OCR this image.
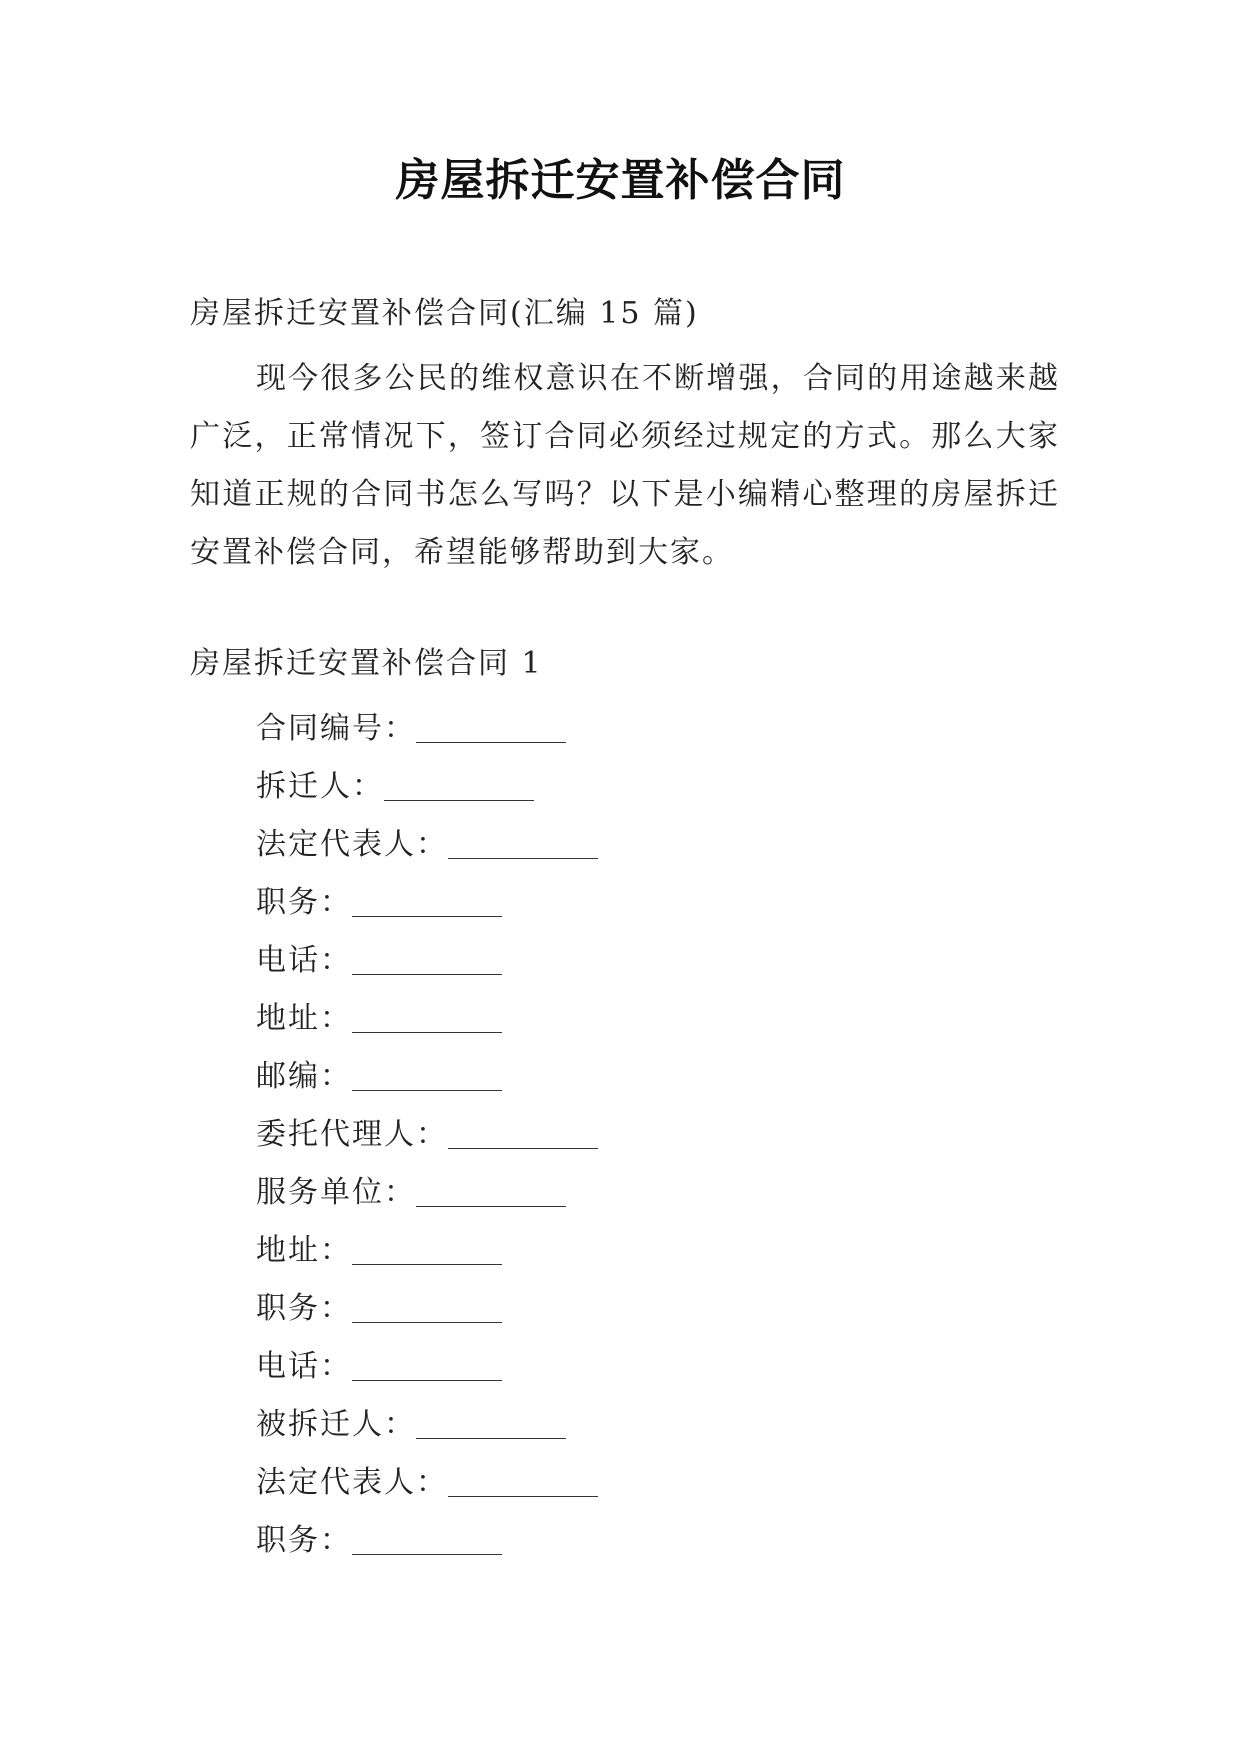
房屋拆迁安置补偿合同
房屋拆迁安置补偿合同(汇编 15 篇)

现今很多公民的维权意识在不断增强，合同的用途越来越广泛，正常情况下，签订合同必须经过规定的方式。那么大家知道正规的合同书怎么写吗？以下是小编精心整理的房屋拆迁安置补偿合同，希望能够帮助到大家。

房屋拆迁安置补偿合同 1
合同编号：
拆迁人：
法定代表人：
职务：
电话：
地址：
邮编：
委托代理人：
服务单位：
地址：
职务：
电话：
被拆迁人：
法定代表人：
职务：
